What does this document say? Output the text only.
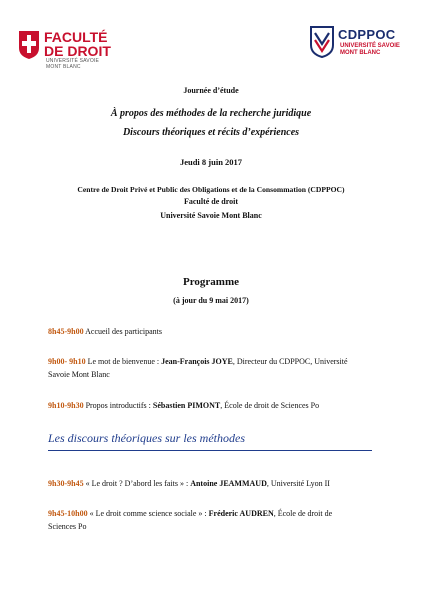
FACULTÉ
DE DROIT
UNIVERSITÉ SAVOIE
MONT BLANC
CDPPOC
UNIVERSITÉ SAVOIE
MONT BLANC
Journée d’étude
À propos des méthodes de la recherche juridique
Discours théoriques et récits d’expériences
Jeudi 8 juin 2017
Centre de Droit Privé et Public des Obligations et de la Consommation (CDPPOC)
Faculté de droit
Université Savoie Mont Blanc
Programme
(à jour du 9 mai 2017)
8h45-9h00 Accueil des participants
9h00- 9h10 Le mot de bienvenue : Jean-François JOYE, Directeur du CDPPOC, Université
Savoie Mont Blanc
9h10-9h30 Propos introductifs : Sébastien PIMONT, École de droit de Sciences Po
Les discours théoriques sur les méthodes
9h30-9h45 « Le droit ? D’abord les faits » : Antoine JEAMMAUD, Université Lyon II
9h45-10h00 « Le droit comme science sociale » : Fréderic AUDREN, École de droit de
Sciences Po
